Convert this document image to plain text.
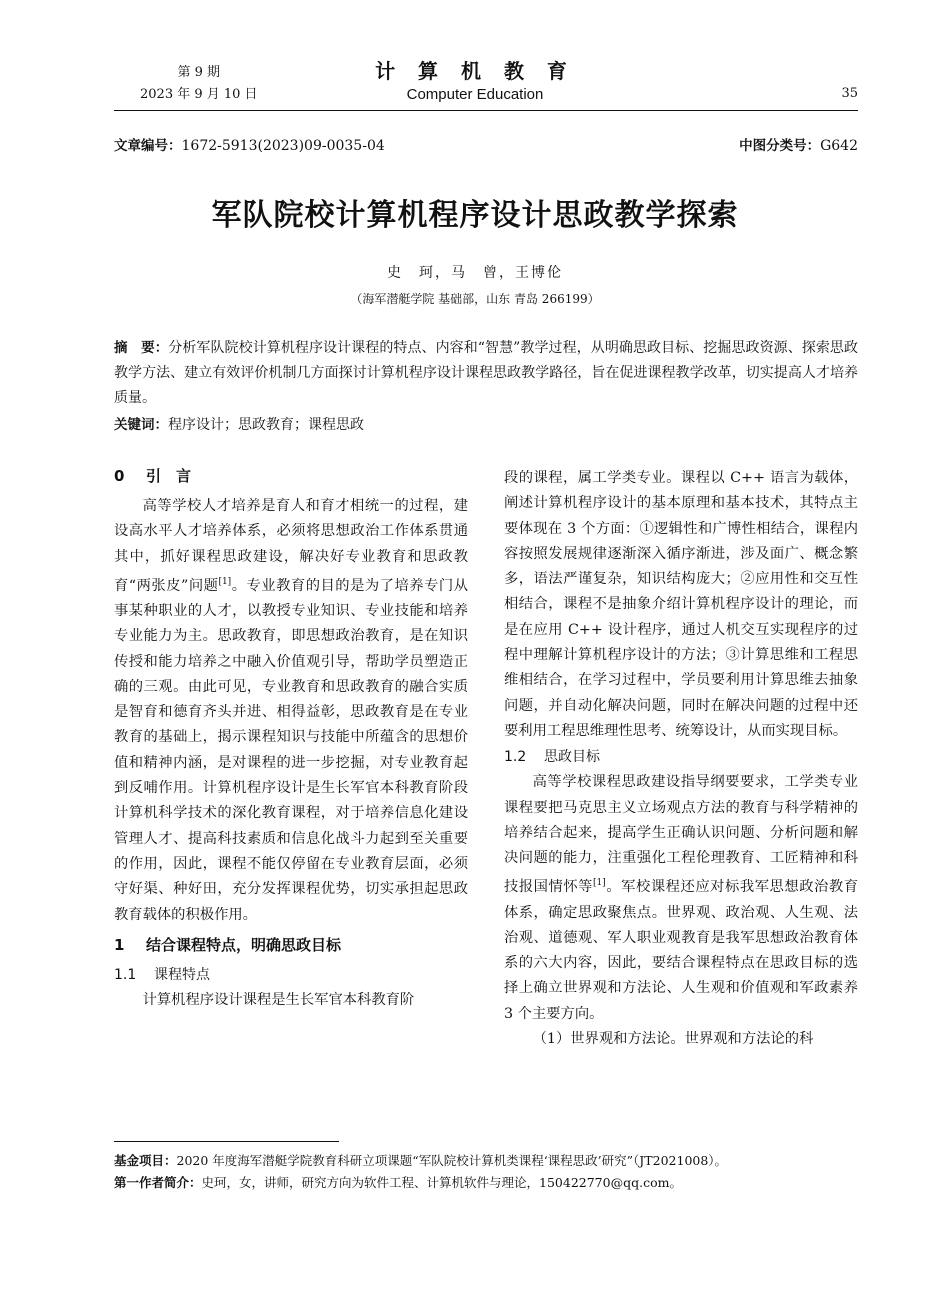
第 9 期
2023 年 9 月 10 日
计 算 机 教 育
Computer Education	35
文章编号：1672-5913(2023)09-0035-04	中图分类号：G642
军队院校计算机程序设计思政教学探索
史　珂，马　曾，王博伦
（海军潜艇学院 基础部，山东 青岛 266199）
摘　要：分析军队院校计算机程序设计课程的特点、内容和“智慧”教学过程，从明确思政目标、挖掘思政资源、探索思政教学方法、建立有效评价机制几方面探讨计算机程序设计课程思政教学路径，旨在促进课程教学改革，切实提高人才培养质量。
关键词：程序设计；思政教育；课程思政

0 引　言

高等学校人才培养是育人和育才相统一的过程，建设高水平人才培养体系，必须将思想政治工作体系贯通其中，抓好课程思政建设，解决好专业教育和思政教育“两张皮”问题[1]。专业教育的目的是为了培养专门从事某种职业的人才，以教授专业知识、专业技能和培养专业能力为主。思政教育，即思想政治教育，是在知识传授和能力培养之中融入价值观引导，帮助学员塑造正确的三观。由此可见，专业教育和思政教育的融合实质是智育和德育齐头并进、相得益彰，思政教育是在专业教育的基础上，揭示课程知识与技能中所蕴含的思想价值和精神内涵，是对课程的进一步挖掘，对专业教育起到反哺作用。计算机程序设计是生长军官本科教育阶段计算机科学技术的深化教育课程，对于培养信息化建设管理人才、提高科技素质和信息化战斗力起到至关重要的作用，因此，课程不能仅停留在专业教育层面，必须守好渠、种好田，充分发挥课程优势，切实承担起思政教育载体的积极作用。

1 结合课程特点，明确思政目标

1.1 课程特点

计算机程序设计课程是生长军官本科教育阶

段的课程，属工学类专业。课程以 C++ 语言为载体，阐述计算机程序设计的基本原理和基本技术，其特点主要体现在 3 个方面：①逻辑性和广博性相结合，课程内容按照发展规律逐渐深入循序渐进，涉及面广、概念繁多，语法严谨复杂，知识结构庞大；②应用性和交互性相结合，课程不是抽象介绍计算机程序设计的理论，而是在应用 C++ 设计程序，通过人机交互实现程序的过程中理解计算机程序设计的方法；③计算思维和工程思维相结合，在学习过程中，学员要利用计算思维去抽象问题，并自动化解决问题，同时在解决问题的过程中还要利用工程思维理性思考、统筹设计，从而实现目标。

1.2 思政目标

高等学校课程思政建设指导纲要要求，工学类专业课程要把马克思主义立场观点方法的教育与科学精神的培养结合起来，提高学生正确认识问题、分析问题和解决问题的能力，注重强化工程伦理教育、工匠精神和科技报国情怀等[1]。军校课程还应对标我军思想政治教育体系，确定思政聚焦点。世界观、政治观、人生观、法治观、道德观、军人职业观教育是我军思想政治教育体系的六大内容，因此，要结合课程特点在思政目标的选择上确立世界观和方法论、人生观和价值观和军政素养 3 个主要方向。

（1）世界观和方法论。世界观和方法论的科

基金项目：2020 年度海军潜艇学院教育科研立项课题“军队院校计算机类课程‘课程思政’研究”（JT2021008）。
第一作者简介：史珂，女，讲师，研究方向为软件工程、计算机软件与理论，150422770@qq.com。
